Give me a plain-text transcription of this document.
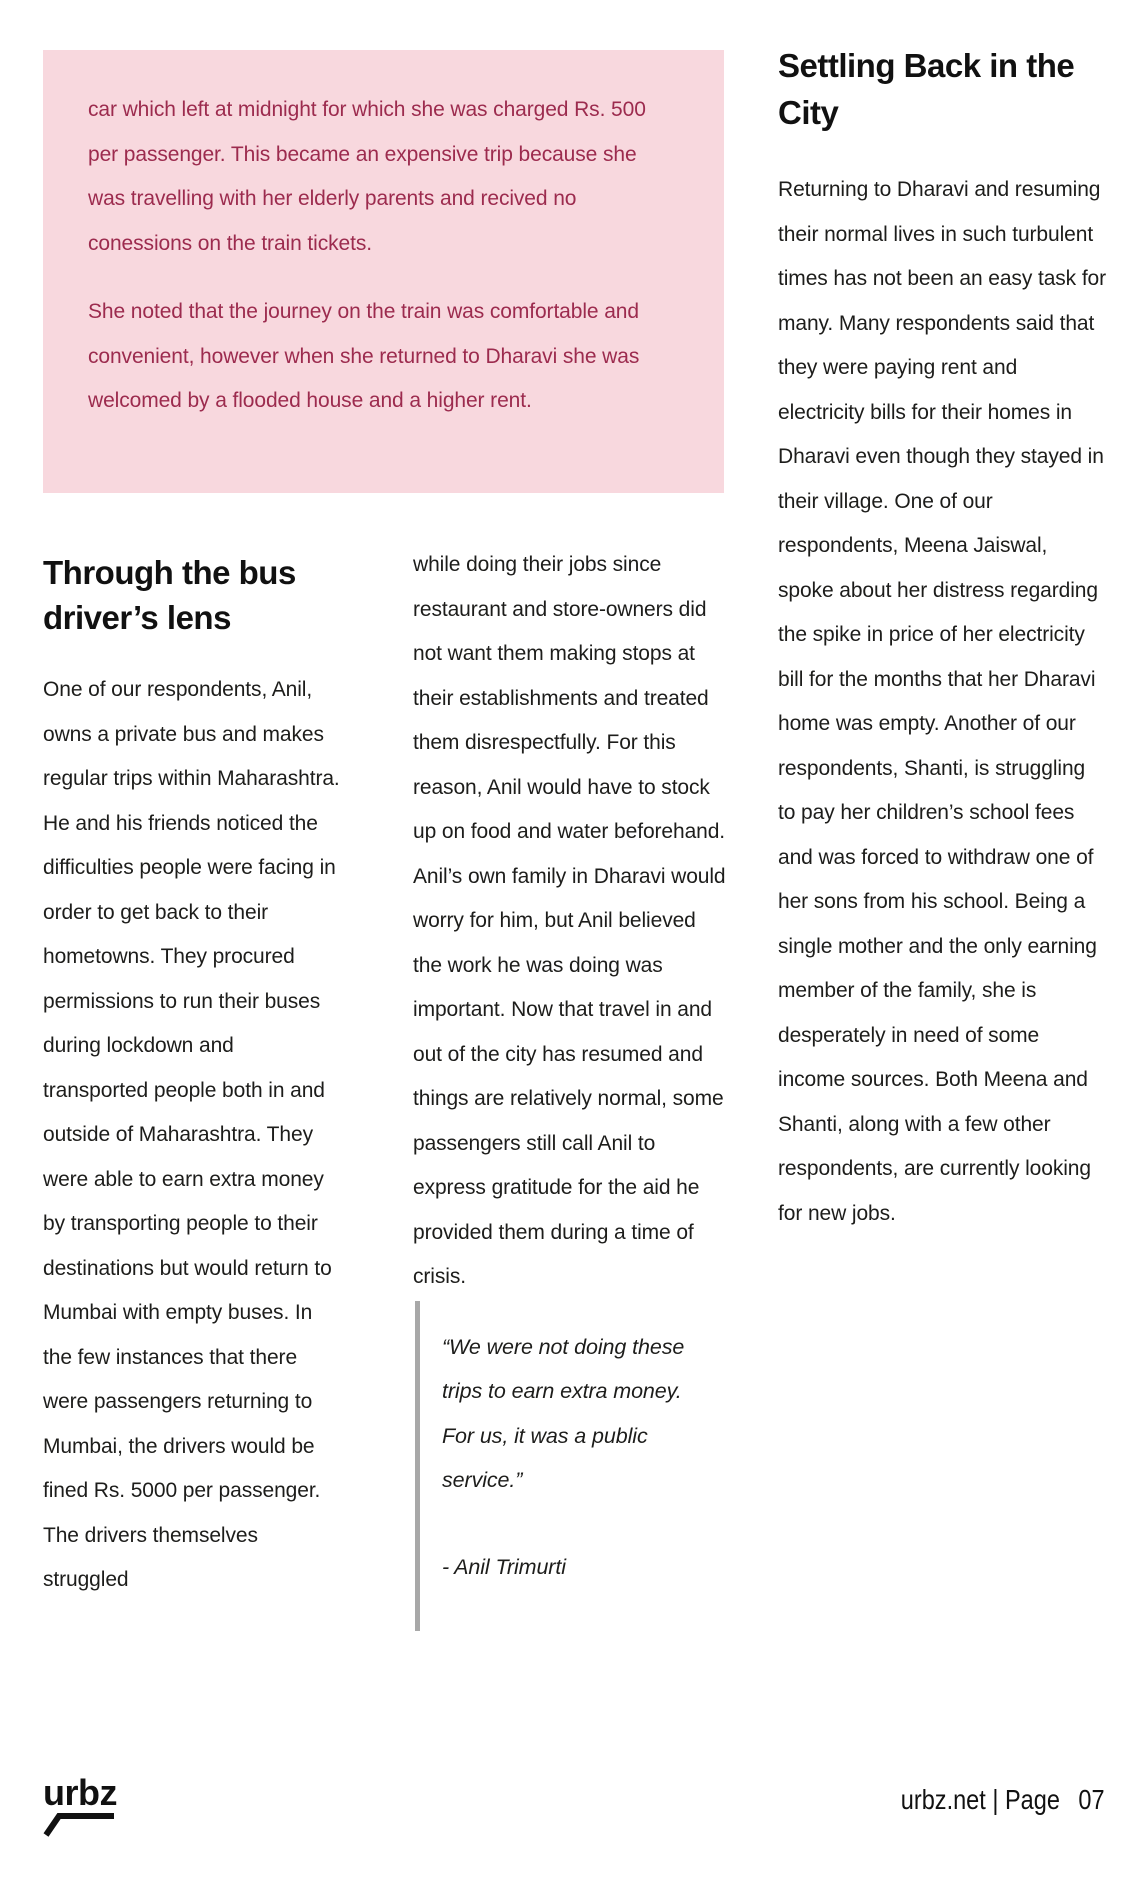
car which left at midnight for which she was charged Rs. 500 per passenger. This became an expensive trip because she was travelling with her elderly parents and recived no conessions on the train tickets.

She noted that the journey on the train was comfortable and convenient, however when she returned to Dharavi she was welcomed by a flooded house and a higher rent.

Through the bus driver’s lens

One of our respondents, Anil, owns a private bus and makes regular trips within Maharashtra. He and his friends noticed the difficulties people were facing in order to get back to their hometowns. They procured permissions to run their buses during lockdown and transported people both in and outside of Maharashtra. They were able to earn extra money by transporting people to their destinations but would return to Mumbai with empty buses. In the few instances that there were passengers returning to Mumbai, the drivers would be fined Rs. 5000 per passenger. The drivers themselves struggled

while doing their jobs since restaurant and store-owners did not want them making stops at their establishments and treated them disrespectfully. For this reason, Anil would have to stock up on food and water beforehand. Anil’s own family in Dharavi would worry for him, but Anil believed the work he was doing was important. Now that travel in and out of the city has resumed and things are relatively normal, some passengers still call Anil to express gratitude for the aid he provided them during a time of crisis.

“We were not doing these trips to earn extra money. For us, it was a public service.”

- Anil Trimurti

Settling Back in the City

Returning to Dharavi and resuming their normal lives in such turbulent times has not been an easy task for many. Many respondents said that they were paying rent and electricity bills for their homes in Dharavi even though they stayed in their village. One of our respondents, Meena Jaiswal, spoke about her distress regarding the spike in price of her electricity bill for the months that her Dharavi home was empty. Another of our respondents, Shanti, is struggling to pay her children’s school fees and was forced to withdraw one of her sons from his school. Being a single mother and the only earning member of the family, she is desperately in need of some income sources. Both Meena and Shanti, along with a few other respondents, are currently looking for new jobs.

urbz	urbz.net | Page 07
